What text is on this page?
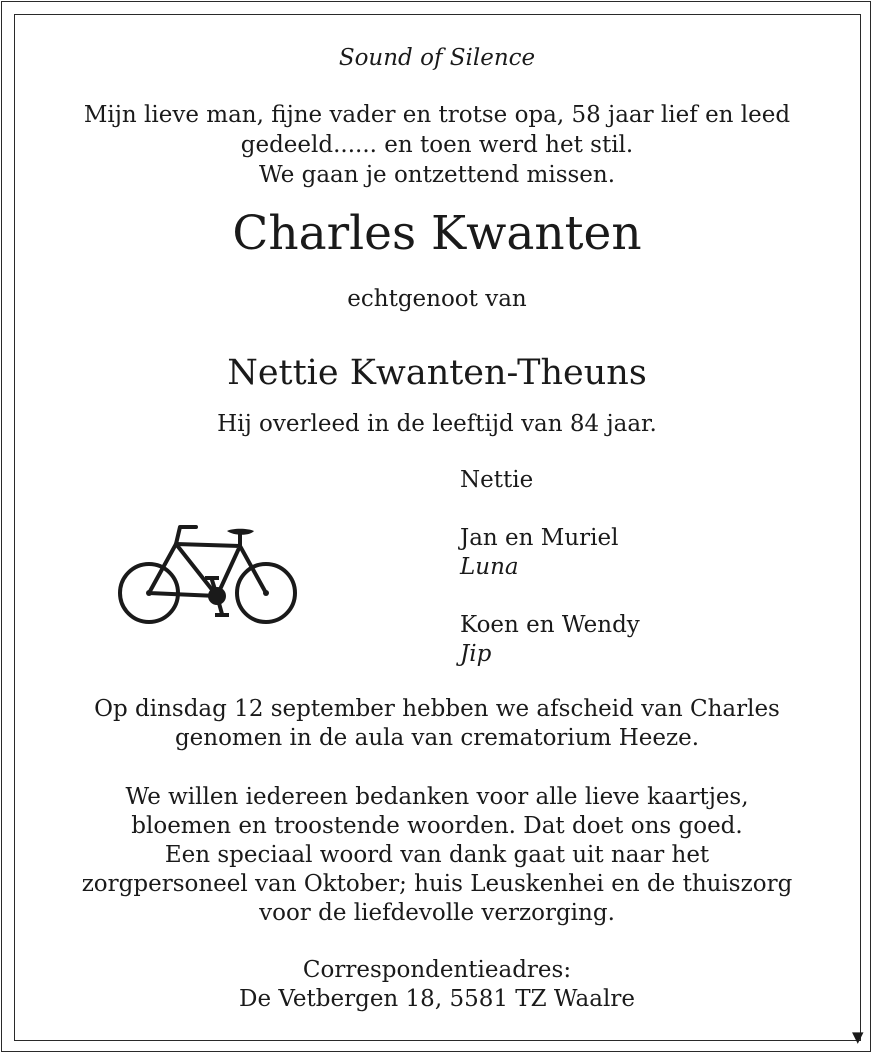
Sound of Silence

Mijn lieve man, fijne vader en trotse opa, 58 jaar lief en leed

gedeeld...... en toen werd het stil.

We gaan je ontzettend missen.

Charles Kwanten

echtgenoot van

Nettie Kwanten-Theuns

Hij overleed in de leeftijd van 84 jaar.

Nettie

Jan en Muriel

Luna

Koen en Wendy

Jip

Op dinsdag 12 september hebben we afscheid van Charles

genomen in de aula van crematorium Heeze.

We willen iedereen bedanken voor alle lieve kaartjes,

bloemen en troostende woorden. Dat doet ons goed.

Een speciaal woord van dank gaat uit naar het

zorgpersoneel van Oktober; huis Leuskenhei en de thuiszorg

voor de liefdevolle verzorging.

Correspondentieadres:

De Vetbergen 18, 5581 TZ Waalre

▼
